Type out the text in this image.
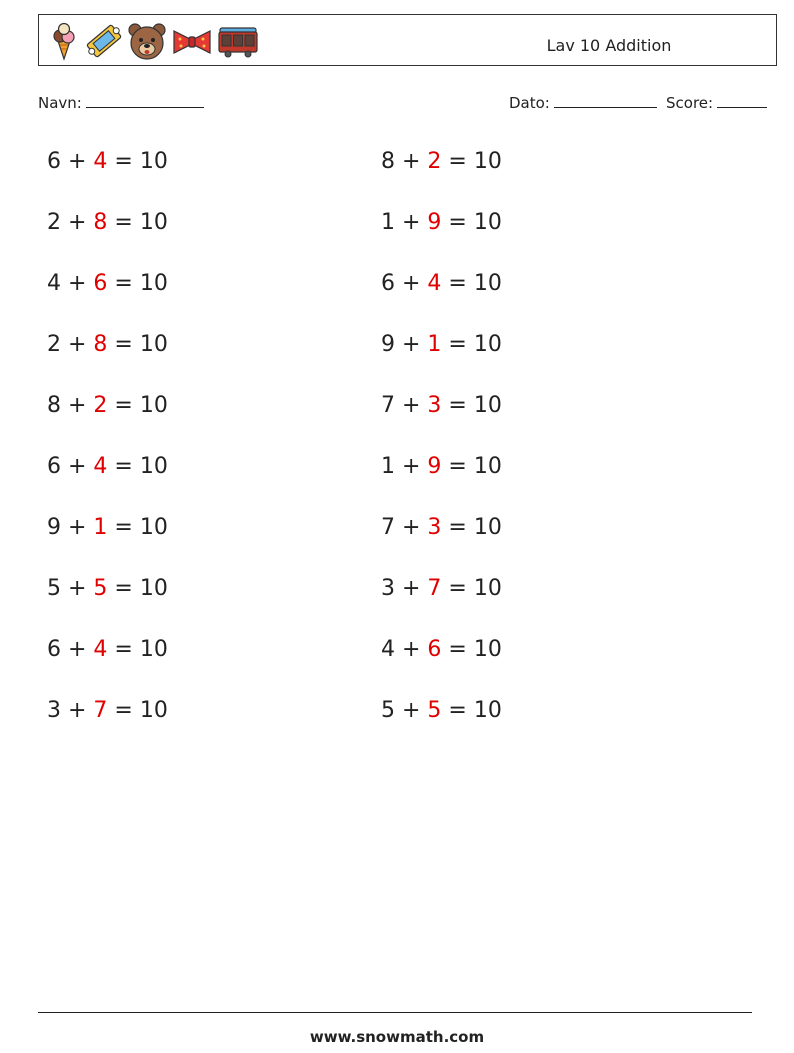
Lav 10 Addition
Navn:	Dato:	Score:
6 + 4 = 10
2 + 8 = 10
4 + 6 = 10
2 + 8 = 10
8 + 2 = 10
6 + 4 = 10
9 + 1 = 10
5 + 5 = 10
6 + 4 = 10
3 + 7 = 10
8 + 2 = 10
1 + 9 = 10
6 + 4 = 10
9 + 1 = 10
7 + 3 = 10
1 + 9 = 10
7 + 3 = 10
3 + 7 = 10
4 + 6 = 10
5 + 5 = 10
www.snowmath.com
